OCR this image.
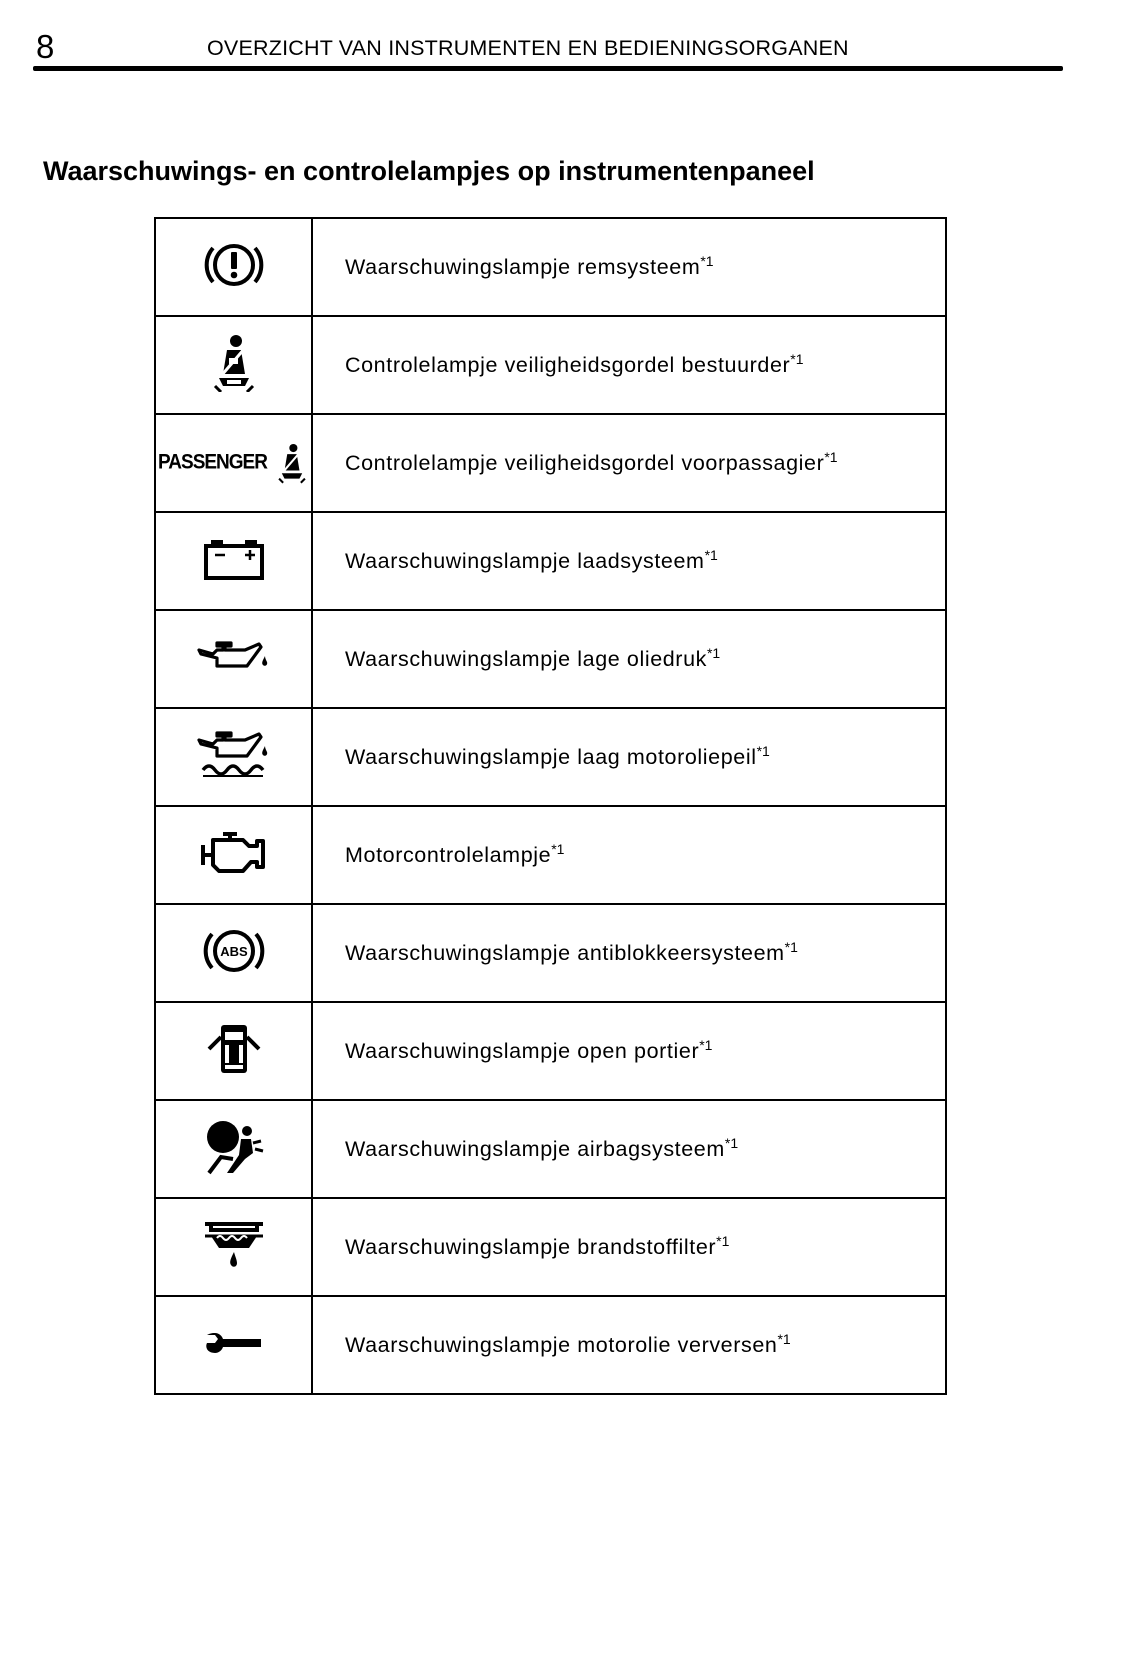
8	OVERZICHT VAN INSTRUMENTEN EN BEDIENINGSORGANEN
Waarschuwings- en controlelampjes op instrumentenpaneel
	Waarschuwingslampje remsysteem$^{*1}$
	Controlelampje veiligheidsgordel bestuurder$^{*1}$

PASSENGER	Controlelampje veiligheidsgordel voorpassagier$^{*1}$
	Waarschuwingslampje laadsysteem$^{*1}$
	Waarschuwingslampje lage oliedruk$^{*1}$
	Waarschuwingslampje laag motoroliepeil$^{*1}$
	Motorcontrolelampje$^{*1}$

ABS	Waarschuwingslampje antiblokkeersysteem$^{*1}$
	Waarschuwingslampje open portier$^{*1}$
	Waarschuwingslampje airbagsysteem$^{*1}$
	Waarschuwingslampje brandstoffilter$^{*1}$
	Waarschuwingslampje motorolie verversen$^{*1}$
